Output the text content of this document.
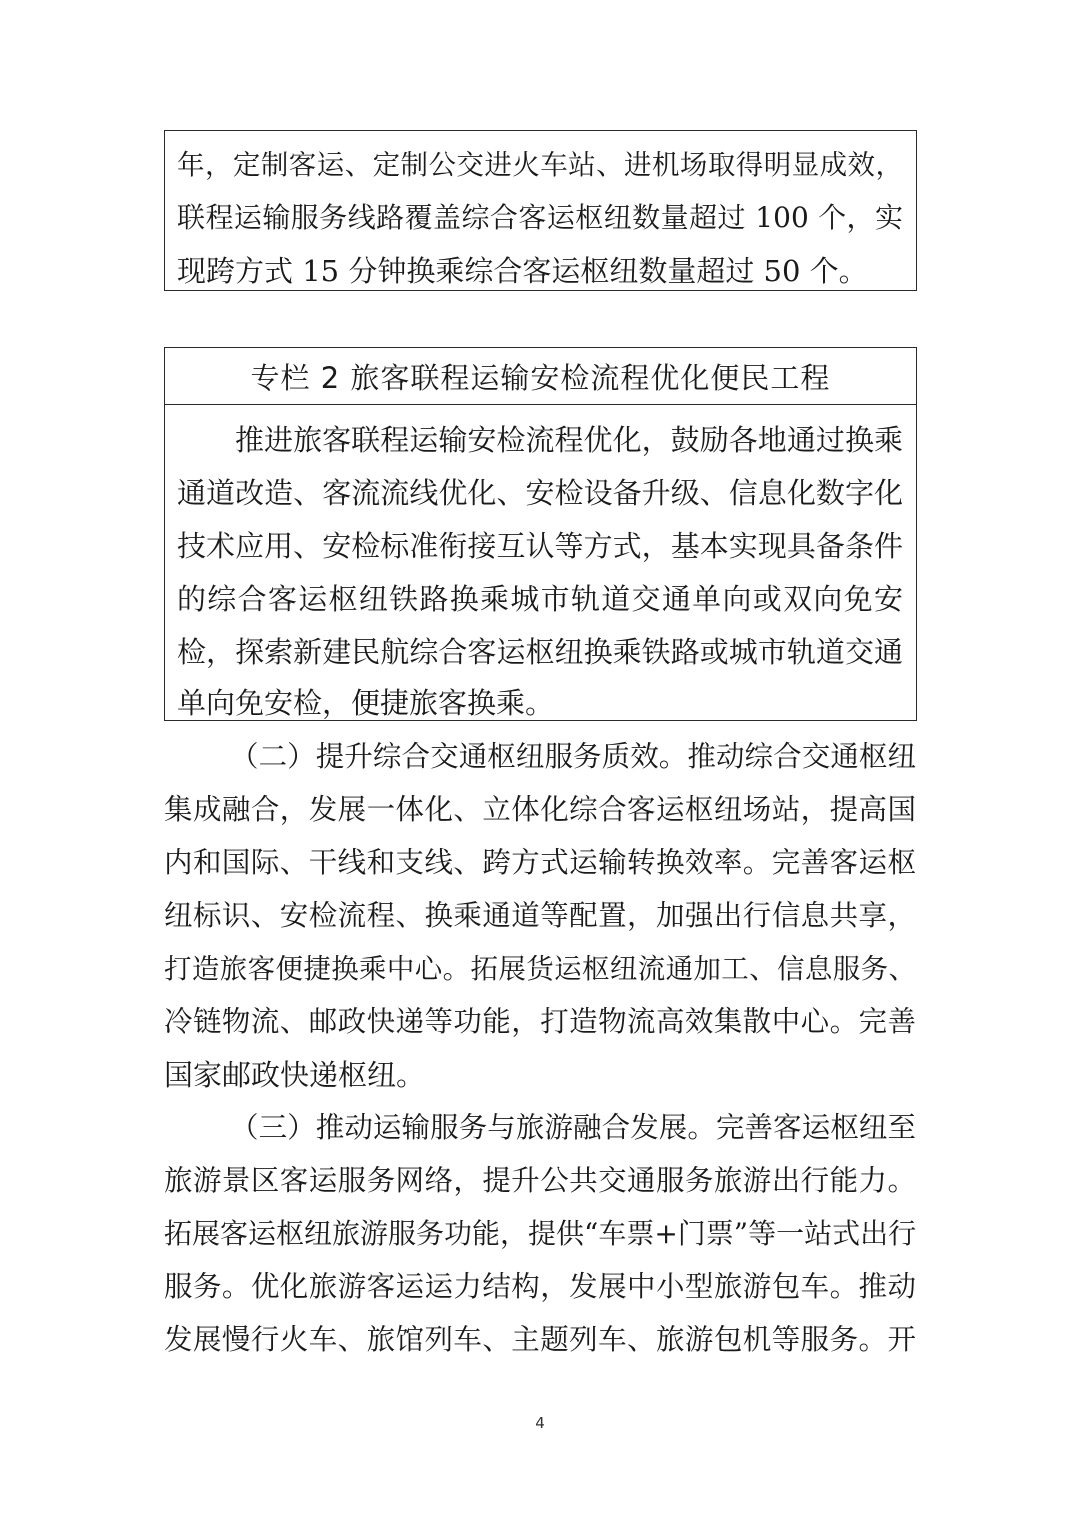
年，定制客运、定制公交进火车站、进机场取得明显成效，
联程运输服务线路覆盖综合客运枢纽数量超过 100 个，实
现跨方式 15 分钟换乘综合客运枢纽数量超过 50 个。
专栏 2 旅客联程运输安检流程优化便民工程
推进旅客联程运输安检流程优化，鼓励各地通过换乘
通道改造、客流流线优化、安检设备升级、信息化数字化
技术应用、安检标准衔接互认等方式，基本实现具备条件
的综合客运枢纽铁路换乘城市轨道交通单向或双向免安
检，探索新建民航综合客运枢纽换乘铁路或城市轨道交通
单向免安检，便捷旅客换乘。
（二）提升综合交通枢纽服务质效。推动综合交通枢纽
集成融合，发展一体化、立体化综合客运枢纽场站，提高国
内和国际、干线和支线、跨方式运输转换效率。完善客运枢
纽标识、安检流程、换乘通道等配置，加强出行信息共享，
打造旅客便捷换乘中心。拓展货运枢纽流通加工、信息服务、
冷链物流、邮政快递等功能，打造物流高效集散中心。完善
国家邮政快递枢纽。
（三）推动运输服务与旅游融合发展。完善客运枢纽至
旅游景区客运服务网络，提升公共交通服务旅游出行能力。
拓展客运枢纽旅游服务功能，提供“车票+门票”等一站式出行
服务。优化旅游客运运力结构，发展中小型旅游包车。推动
发展慢行火车、旅馆列车、主题列车、旅游包机等服务。开
4
